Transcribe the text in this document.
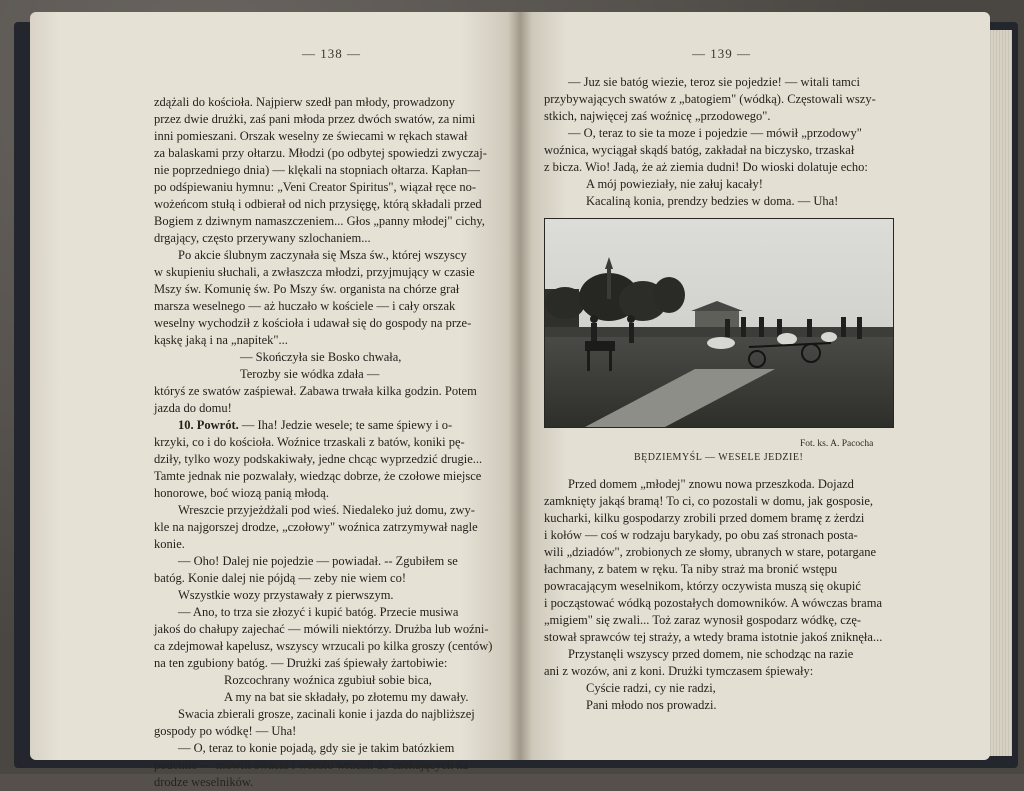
— 138 —

zdążali do kościoła. Najpierw szedł pan młody, prowadzony

przez dwie drużki, zaś pani młoda przez dwóch swatów, za nimi

inni pomieszani. Orszak weselny ze świecami w rękach stawał

za balaskami przy ołtarzu. Młodzi (po odbytej spowiedzi zwyczaj-

nie poprzedniego dnia) — klękali na stopniach ołtarza. Kapłan—

po odśpiewaniu hymnu: „Veni Creator Spiritus", wiązał ręce no-

wożeńcom stułą i odbierał od nich przysięgę, którą składali przed

Bogiem z dziwnym namaszczeniem... Głos „panny młodej" cichy,

drgający, często przerywany szlochaniem...

Po akcie ślubnym zaczynała się Msza św., której wszyscy

w skupieniu słuchali, a zwłaszcza młodzi, przyjmujący w czasie

Mszy św. Komunię św. Po Mszy św. organista na chórze grał

marsza weselnego — aż huczało w kościele — i cały orszak

weselny wychodził z kościoła i udawał się do gospody na prze-

kąskę jaką i na „napitek"...

— Skończyła sie Bosko chwała,

Terozby sie wódka zdała —

któryś ze swatów zaśpiewał. Zabawa trwała kilka godzin. Potem

jazda do domu!

10. Powrót. — Iha! Jedzie wesele; te same śpiewy i o-

krzyki, co i do kościoła. Woźnice trzaskali z batów, koniki pę-

dziły, tylko wozy podskakiwały, jedne chcąc wyprzedzić drugie...

Tamte jednak nie pozwalały, wiedząc dobrze, że czołowe miejsce

honorowe, boć wiozą panią młodą.

Wreszcie przyjeżdżali pod wieś. Niedaleko już domu, zwy-

kle na najgorszej drodze, „czołowy" woźnica zatrzymywał nagle

konie.

— Oho! Dalej nie pojedzie — powiadał. -- Zgubiłem se

batóg. Konie dalej nie pójdą — zeby nie wiem co!

Wszystkie wozy przystawały z pierwszym.

— Ano, to trza sie złozyć i kupić batóg. Przecie musiwa

jakoś do chałupy zajechać — mówili niektórzy. Drużba lub woźni-

ca zdejmował kapelusz, wszyscy wrzucali po kilka groszy (centów)

na ten zgubiony batóg. — Drużki zaś śpiewały żartobiwie:

Rozcochrany woźnica zgubiuł sobie bica,

A my na bat sie składały, po złotemu my dawały.

Swacia zbierali grosze, zacinali konie i jazda do najbliższej

gospody po wódkę! — Uha!

— O, teraz to konie pojadą, gdy sie je takim batózkiem

podetnie — mówili swacia i wesoło wracali do czekających na

drodze weselników.

— 139 —

— Juz sie batóg wiezie, teroz sie pojedzie! — witali tamci

przybywających swatów z „batogiem" (wódką). Częstowali wszy-

stkich, najwięcej zaś woźnicę „przodowego".

— O, teraz to sie ta moze i pojedzie — mówił „przodowy"

woźnica, wyciągał skądś batóg, zakładał na biczysko, trzaskał

z bicza. Wio! Jadą, że aż ziemia dudni! Do wioski dolatuje echo:

A mój powieziały, nie załuj kacały!

Kacaliną konia, prendzy bedzies w doma. — Uha!

Przed domem „młodej" znowu nowa przeszkoda. Dojazd

zamknięty jakąś bramą! To ci, co pozostali w domu, jak gosposie,

kucharki, kilku gospodarzy zrobili przed domem bramę z żerdzi

i kołów — coś w rodzaju barykady, po obu zaś stronach posta-

wili „dziadów", zrobionych ze słomy, ubranych w stare, potargane

łachmany, z batem w ręku. Ta niby straż ma bronić wstępu

powracającym weselnikom, którzy oczywista muszą się okupić

i począstować wódką pozostałych domowników. A wówczas brama

„migiem" się zwali... Toż zaraz wynosił gospodarz wódkę, czę-

stował sprawców tej straży, a wtedy brama istotnie jakoś zniknęła...

Przystanęli wszyscy przed domem, nie schodząc na razie

ani z wozów, ani z koni. Drużki tymczasem śpiewały:

Cyście radzi, cy nie radzi,

Pani młodo nos prowadzi.

Fot. ks. A. Pacocha
BĘDZIEMYŚL — WESELE JEDZIE!
